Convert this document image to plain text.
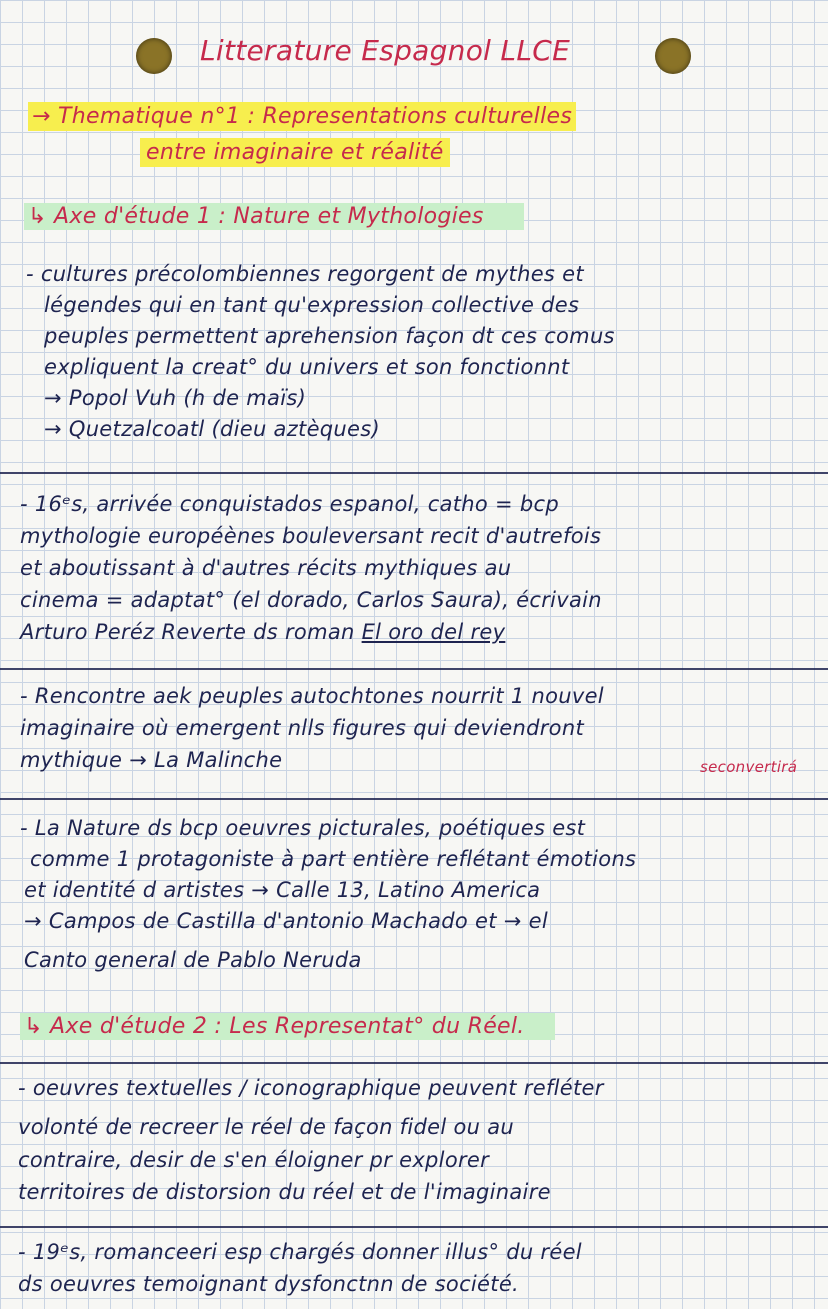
Litterature Espagnol LLCE
→ Thematique n°1 : Representations culturelles
entre imaginaire et réalité
↳ Axe d'étude 1 : Nature et Mythologies
- cultures précolombiennes regorgent de mythes et
légendes qui en tant qu'expression collective des
peuples permettent aprehension façon dt ces comus
expliquent la creat° du univers et son fonctionnt
→ Popol Vuh (h de maïs)
→ Quetzalcoatl (dieu aztèques)
- 16ᵉs, arrivée conquistados espanol, catho = bcp
mythologie européènes bouleversant recit d'autrefois
et aboutissant à d'autres récits mythiques au
cinema = adaptat° (el dorado, Carlos Saura), écrivain
Arturo Peréz Reverte ds roman El oro del rey
- Rencontre aek peuples autochtones nourrit 1 nouvel
imaginaire où emergent nlls figures qui deviendront
mythique → La Malinche	seconvertirá
- La Nature ds bcp oeuvres picturales, poétiques est
comme 1 protagoniste à part entière reflétant émotions
et identité d artistes → Calle 13, Latino America
→ Campos de Castilla d'antonio Machado et → el
Canto general de Pablo Neruda
↳ Axe d'étude 2 : Les Representat° du Réel.
- oeuvres textuelles / iconographique peuvent refléter
volonté de recreer le réel de façon fidel ou au
contraire, desir de s'en éloigner pr explorer
territoires de distorsion du réel et de l'imaginaire
- 19ᵉs, romanceeri esp chargés donner illus° du réel
ds oeuvres temoignant dysfonctnn de société.
